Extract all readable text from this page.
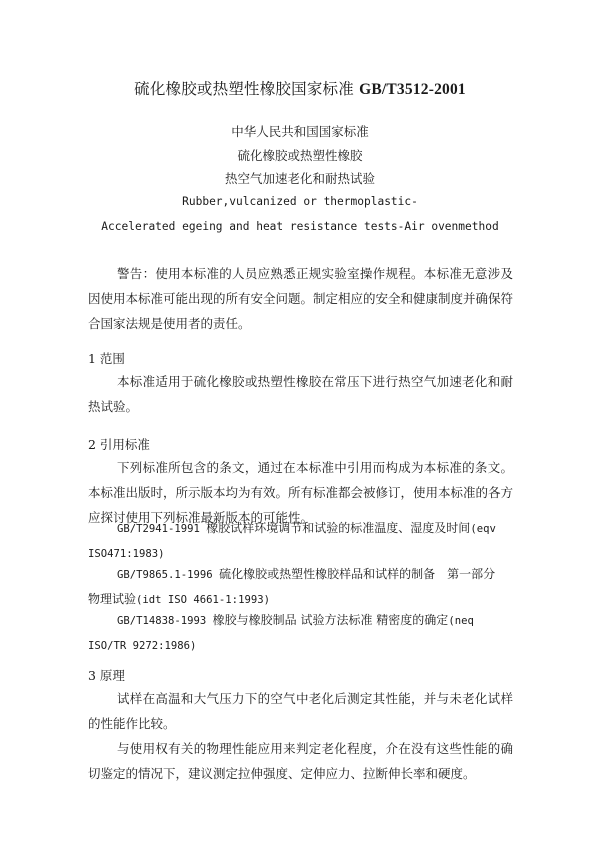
硫化橡胶或热塑性橡胶国家标准 GB/T3512-2001
中华人民共和国国家标准
硫化橡胶或热塑性橡胶
热空气加速老化和耐热试验
Rubber,vulcanized or thermoplastic-
Accelerated egeing and heat resistance tests-Air ovenmethod
警告：使用本标准的人员应熟悉正规实验室操作规程。本标准无意涉及因使用本标准可能出现的所有安全问题。制定相应的安全和健康制度并确保符合国家法规是使用者的责任。
1 范围
本标准适用于硫化橡胶或热塑性橡胶在常压下进行热空气加速老化和耐热试验。
2 引用标准
下列标准所包含的条文，通过在本标准中引用而构成为本标准的条文。本标准出版时，所示版本均为有效。所有标准都会被修订，使用本标准的各方应探讨使用下列标准最新版本的可能性。
GB/T2941-1991 橡胶试样环境调节和试验的标准温度、湿度及时间(eqv ISO471:1983)
GB/T9865.1-1996 硫化橡胶或热塑性橡胶样品和试样的制备　第一部分　物理试验(idt ISO 4661-1:1993)
GB/T14838-1993 橡胶与橡胶制品 试验方法标准 精密度的确定(neq ISO/TR 9272:1986)
3 原理
试样在高温和大气压力下的空气中老化后测定其性能，并与未老化试样的性能作比较。
与使用权有关的物理性能应用来判定老化程度，介在没有这些性能的确切鉴定的情况下，建议测定拉伸强度、定伸应力、拉断伸长率和硬度。
